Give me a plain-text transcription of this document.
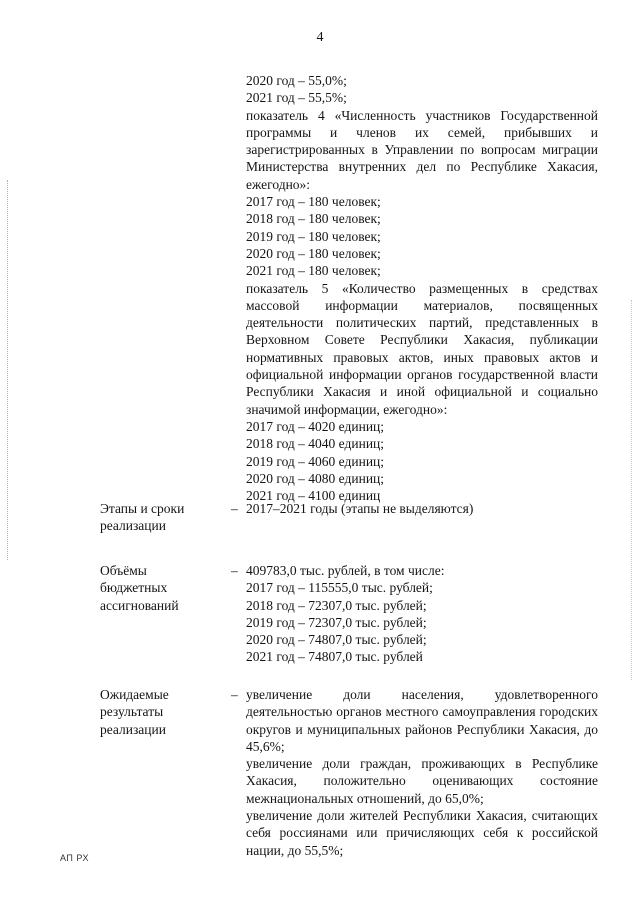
4
2020 год – 55,0%;
2021 год – 55,5%;
показатель 4 «Численность участников Государственной программы и членов их семей, прибывших и зарегистрированных в Управлении по вопросам миграции Министерства внутренних дел по Республике Хакасия, ежегодно»:
2017 год – 180 человек;
2018 год – 180 человек;
2019 год – 180 человек;
2020 год – 180 человек;
2021 год – 180 человек;
показатель 5 «Количество размещенных в средствах массовой информации материалов, посвященных деятельности политических партий, представленных в Верховном Совете Республики Хакасия, публикации нормативных правовых актов, иных правовых актов и официальной информации органов государственной власти Республики Хакасия и иной официальной и социально значимой информации, ежегодно»:
2017 год – 4020 единиц;
2018 год – 4040 единиц;
2019 год – 4060 единиц;
2020 год – 4080 единиц;
2021 год – 4100 единиц
Этапы и сроки
реализации
– 2017–2021 годы (этапы не выделяются)
Объёмы
бюджетных
ассигнований
– 409783,0 тыс. рублей, в том числе:
2017 год – 115555,0 тыс. рублей;
2018 год – 72307,0 тыс. рублей;
2019 год – 72307,0 тыс. рублей;
2020 год – 74807,0 тыс. рублей;
2021 год – 74807,0 тыс. рублей
Ожидаемые
результаты
реализации
– увеличение доли населения, удовлетворенного деятельностью органов местного самоуправления городских округов и муниципальных районов Республики Хакасия, до 45,6%;
увеличение доли граждан, проживающих в Республике Хакасия, положительно оценивающих состояние межнациональных отношений, до 65,0%;
увеличение доли жителей Республики Хакасия, считающих себя россиянами или причисляющих себя к российской нации, до 55,5%;
АП РХ
